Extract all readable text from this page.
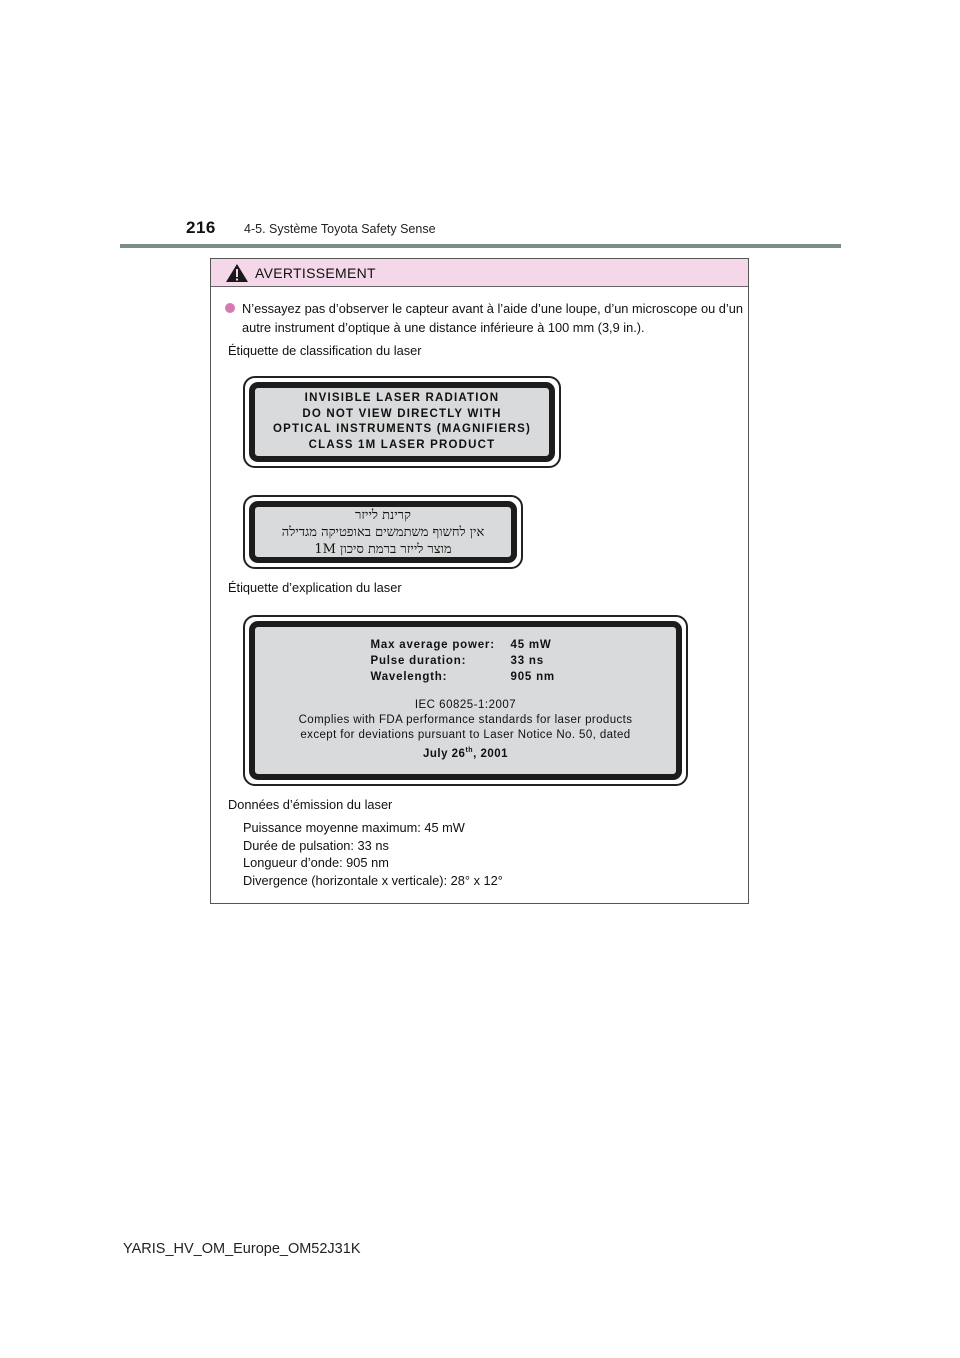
216 4-5. Système Toyota Safety Sense
AVERTISSEMENT
N’essayez pas d’observer le capteur avant à l’aide d’une loupe, d’un microscope ou d’un autre instrument d’optique à une distance inférieure à 100 mm (3,9 in.).
Étiquette de classification du laser
INVISIBLE LASER RADIATION
DO NOT VIEW DIRECTLY WITH
OPTICAL INSTRUMENTS (MAGNIFIERS)
CLASS 1M LASER PRODUCT
קרינת לייזר
אין לחשוף משתמשים באופטיקה מגדילה
מוצר לייזר ברמת סיכון 1M
Étiquette d’explication du laser
Max average power:	45 mW
Pulse duration:	33 ns
Wavelength:	905 nm
IEC 60825-1:2007
Complies with FDA performance standards for laser products
except for deviations pursuant to Laser Notice No. 50, dated
July 26th, 2001
Données d’émission du laser
Puissance moyenne maximum: 45 mW
Durée de pulsation: 33 ns
Longueur d’onde: 905 nm
Divergence (horizontale x verticale): 28° x 12°
YARIS_HV_OM_Europe_OM52J31K
